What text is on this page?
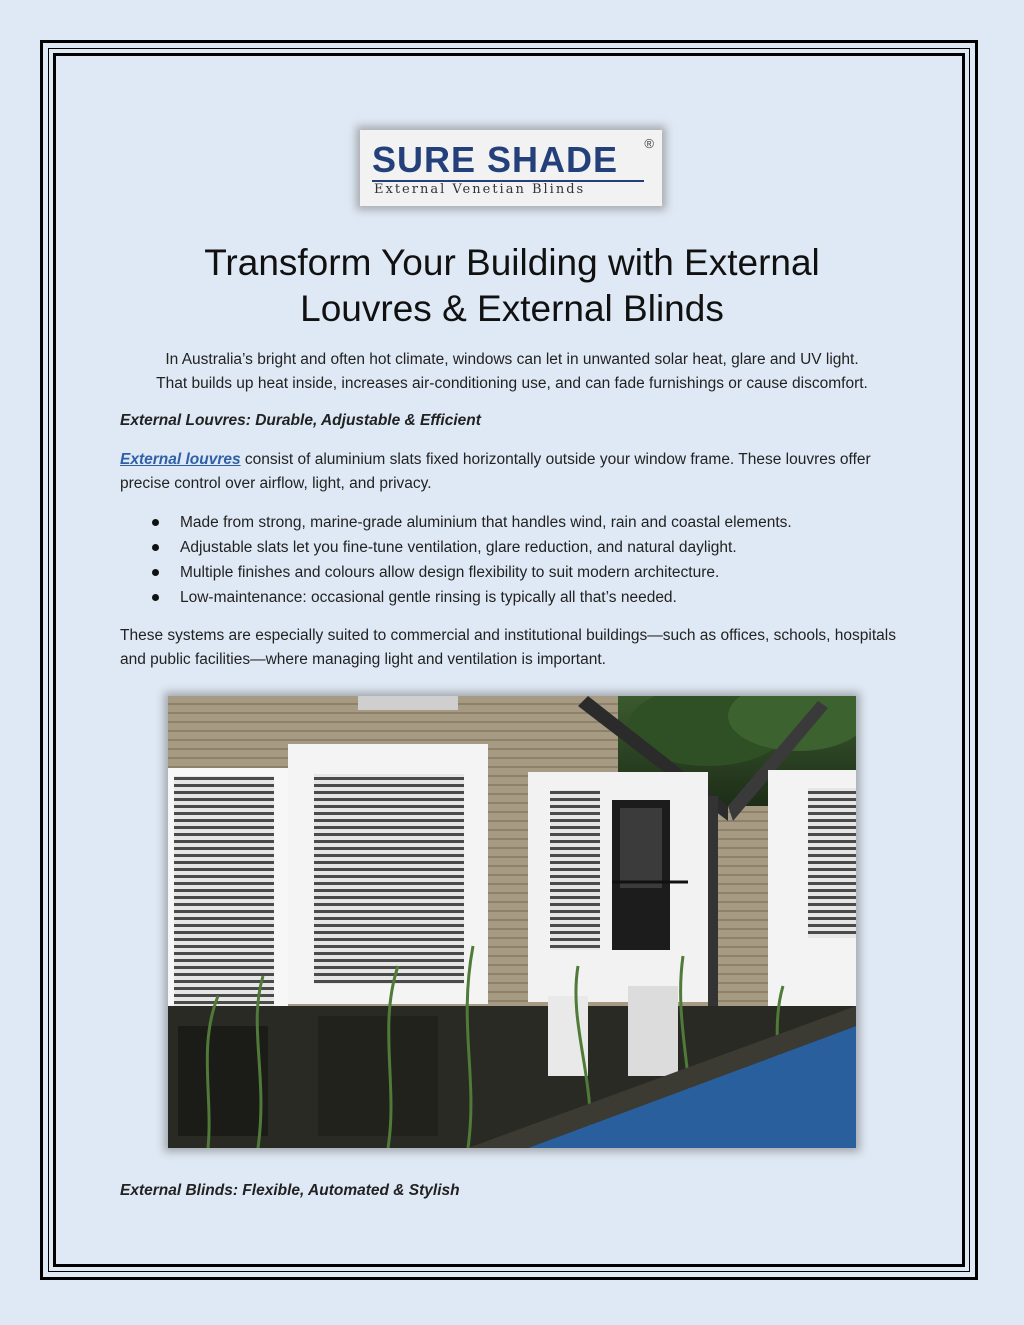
SURE SHADE ®
External Venetian Blinds
Transform Your Building with External
Louvres & External Blinds

In Australia’s bright and often hot climate, windows can let in unwanted solar heat, glare and UV light.
That builds up heat inside, increases air-conditioning use, and can fade furnishings or cause discomfort.

External Louvres: Durable, Adjustable & Efficient

External louvres consist of aluminium slats fixed horizontally outside your window frame. These louvres offer precise control over airflow, light, and privacy.

Made from strong, marine-grade aluminium that handles wind, rain and coastal elements.
Adjustable slats let you fine-tune ventilation, glare reduction, and natural daylight.
Multiple finishes and colours allow design flexibility to suit modern architecture.
Low-maintenance: occasional gentle rinsing is typically all that’s needed.

These systems are especially suited to commercial and institutional buildings—such as offices, schools, hospitals and public facilities—where managing light and ventilation is important.

External Blinds: Flexible, Automated & Stylish
